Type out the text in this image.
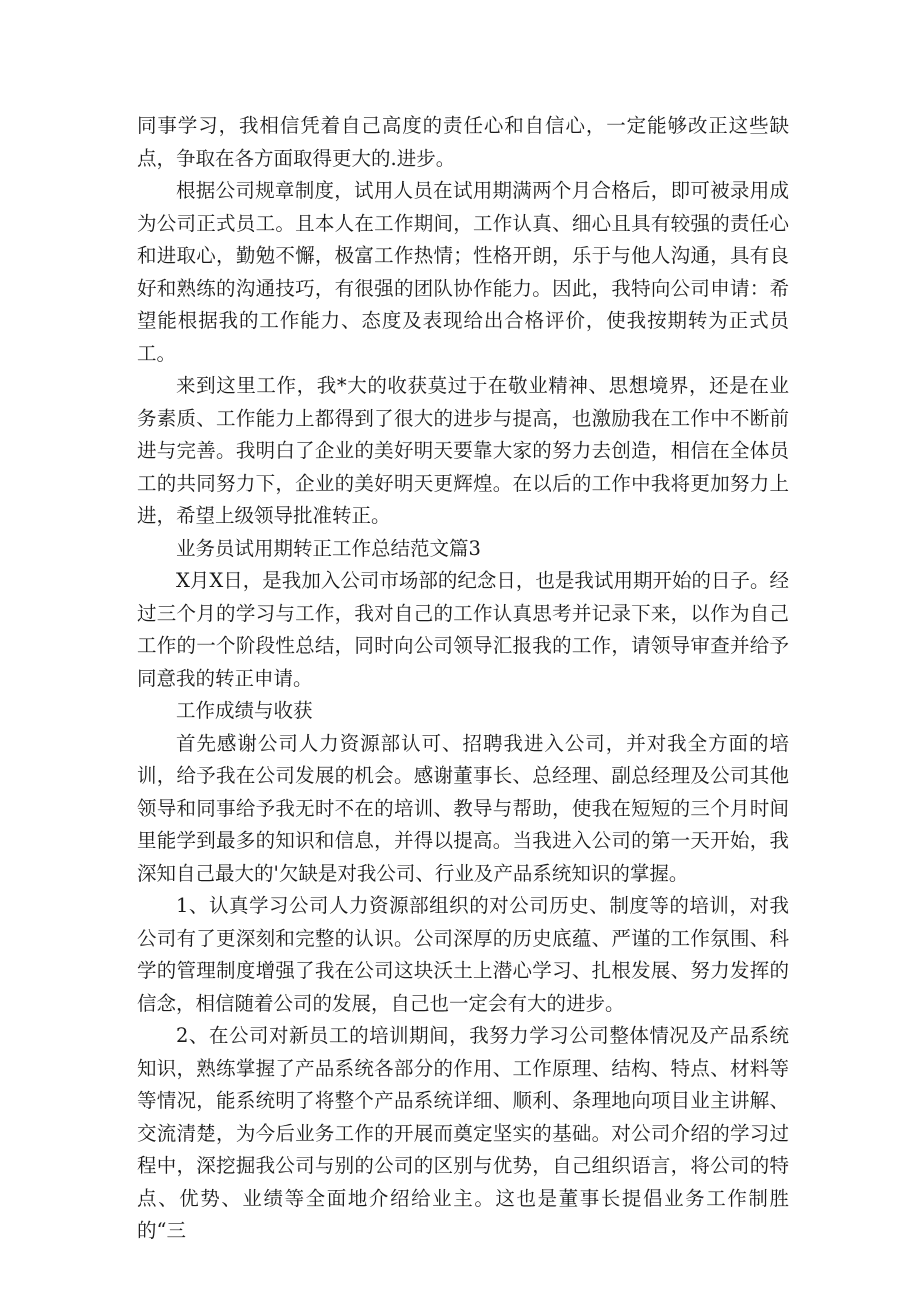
同事学习，我相信凭着自己高度的责任心和自信心，一定能够改正这些缺点，争取在各方面取得更大的.进步。

根据公司规章制度，试用人员在试用期满两个月合格后，即可被录用成为公司正式员工。且本人在工作期间，工作认真、细心且具有较强的责任心和进取心，勤勉不懈，极富工作热情；性格开朗，乐于与他人沟通，具有良好和熟练的沟通技巧，有很强的团队协作能力。因此，我特向公司申请：希望能根据我的工作能力、态度及表现给出合格评价，使我按期转为正式员工。

来到这里工作，我*大的收获莫过于在敬业精神、思想境界，还是在业务素质、工作能力上都得到了很大的进步与提高，也激励我在工作中不断前进与完善。我明白了企业的美好明天要靠大家的努力去创造，相信在全体员工的共同努力下，企业的美好明天更辉煌。在以后的工作中我将更加努力上进，希望上级领导批准转正。

业务员试用期转正工作总结范文篇3

X月X日，是我加入公司市场部的纪念日，也是我试用期开始的日子。经过三个月的学习与工作，我对自己的工作认真思考并记录下来，以作为自己工作的一个阶段性总结，同时向公司领导汇报我的工作，请领导审查并给予同意我的转正申请。

工作成绩与收获

首先感谢公司人力资源部认可、招聘我进入公司，并对我全方面的培训，给予我在公司发展的机会。感谢董事长、总经理、副总经理及公司其他领导和同事给予我无时不在的培训、教导与帮助，使我在短短的三个月时间里能学到最多的知识和信息，并得以提高。当我进入公司的第一天开始，我深知自己最大的'欠缺是对我公司、行业及产品系统知识的掌握。

1、认真学习公司人力资源部组织的对公司历史、制度等的培训，对我公司有了更深刻和完整的认识。公司深厚的历史底蕴、严谨的工作氛围、科学的管理制度增强了我在公司这块沃土上潜心学习、扎根发展、努力发挥的信念，相信随着公司的发展，自己也一定会有大的进步。

2、在公司对新员工的培训期间，我努力学习公司整体情况及产品系统知识，熟练掌握了产品系统各部分的作用、工作原理、结构、特点、材料等等情况，能系统明了将整个产品系统详细、顺利、条理地向项目业主讲解、交流清楚，为今后业务工作的开展而奠定坚实的基础。对公司介绍的学习过程中，深挖掘我公司与别的公司的区别与优势，自己组织语言，将公司的特点、优势、业绩等全面地介绍给业主。这也是董事长提倡业务工作制胜的“三
